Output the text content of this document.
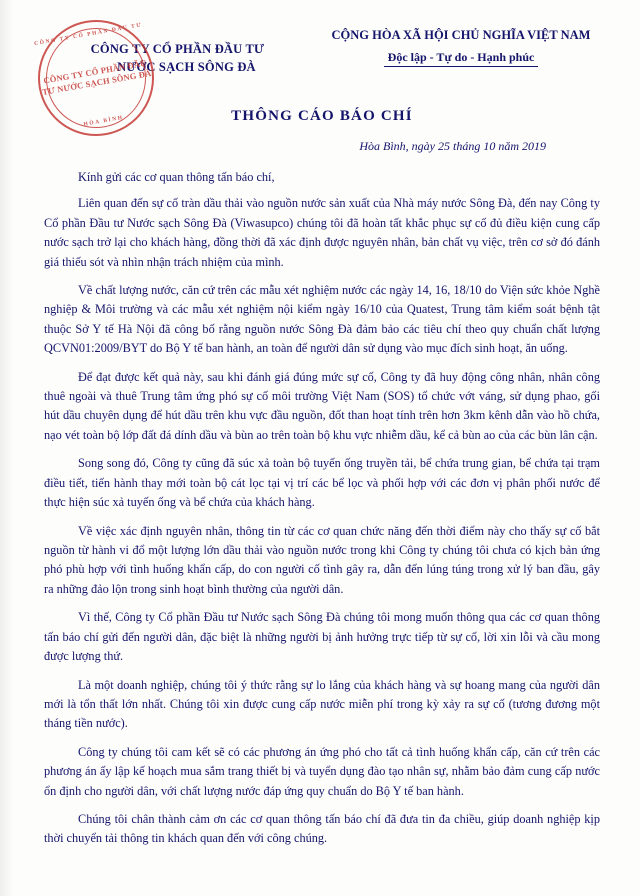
CÔNG TY CỔ PHẦN ĐẦU TƯ
CÔNG TY CỔ PHẦN ĐẦU TƯ NƯỚC SẠCH SÔNG ĐÀ
HÒA BÌNH
CÔNG TY CỔ PHẦN ĐẦU TƯ
NƯỚC SẠCH SÔNG ĐÀ
CỘNG HÒA XÃ HỘI CHỦ NGHĨA VIỆT NAM
Độc lập - Tự do - Hạnh phúc
THÔNG CÁO BÁO CHÍ
Hòa Bình, ngày 25 tháng 10 năm 2019
Kính gửi các cơ quan thông tấn báo chí,

Liên quan đến sự cố tràn dầu thải vào nguồn nước sản xuất của Nhà máy nước Sông Đà, đến nay Công ty Cổ phần Đầu tư Nước sạch Sông Đà (Viwasupco) chúng tôi đã hoàn tất khắc phục sự cố đủ điều kiện cung cấp nước sạch trở lại cho khách hàng, đồng thời đã xác định được nguyên nhân, bản chất vụ việc, trên cơ sở đó đánh giá thiếu sót và nhìn nhận trách nhiệm của mình.

Về chất lượng nước, căn cứ trên các mẫu xét nghiệm nước các ngày 14, 16, 18/10 do Viện sức khỏe Nghề nghiệp & Môi trường và các mẫu xét nghiệm nội kiểm ngày 16/10 của Quatest, Trung tâm kiểm soát bệnh tật thuộc Sở Y tế Hà Nội đã công bố rằng nguồn nước Sông Đà đảm bảo các tiêu chí theo quy chuẩn chất lượng QCVN01:2009/BYT do Bộ Y tế ban hành, an toàn để người dân sử dụng vào mục đích sinh hoạt, ăn uống.

Để đạt được kết quả này, sau khi đánh giá đúng mức sự cố, Công ty đã huy động công nhân, nhân công thuê ngoài và thuê Trung tâm ứng phó sự cố môi trường Việt Nam (SOS) tổ chức vớt váng, sử dụng phao, gối hút dầu chuyên dụng để hút dầu trên khu vực đầu nguồn, đốt than hoạt tính trên hơn 3km kênh dẫn vào hồ chứa, nạo vét toàn bộ lớp đất đá dính dầu và bùn ao trên toàn bộ khu vực nhiễm dầu, kể cả bùn ao của các bùn lân cận.

Song song đó, Công ty cũng đã súc xả toàn bộ tuyến ống truyền tải, bể chứa trung gian, bể chứa tại trạm điều tiết, tiến hành thay mới toàn bộ cát lọc tại vị trí các bể lọc và phối hợp với các đơn vị phân phối nước để thực hiện súc xả tuyến ống và bể chứa của khách hàng.

Về việc xác định nguyên nhân, thông tin từ các cơ quan chức năng đến thời điểm này cho thấy sự cố bắt nguồn từ hành vi đổ một lượng lớn dầu thải vào nguồn nước trong khi Công ty chúng tôi chưa có kịch bản ứng phó phù hợp với tình huống khẩn cấp, do con người cố tình gây ra, dẫn đến lúng túng trong xử lý ban đầu, gây ra những đảo lộn trong sinh hoạt bình thường của người dân.

Vì thế, Công ty Cổ phần Đầu tư Nước sạch Sông Đà chúng tôi mong muốn thông qua các cơ quan thông tấn báo chí gửi đến người dân, đặc biệt là những người bị ảnh hưởng trực tiếp từ sự cố, lời xin lỗi và cầu mong được lượng thứ.

Là một doanh nghiệp, chúng tôi ý thức rằng sự lo lắng của khách hàng và sự hoang mang của người dân mới là tổn thất lớn nhất. Chúng tôi xin được cung cấp nước miễn phí trong kỳ xảy ra sự cố (tương đương một tháng tiền nước).

Công ty chúng tôi cam kết sẽ có các phương án ứng phó cho tất cả tình huống khẩn cấp, căn cứ trên các phương án ấy lập kế hoạch mua sắm trang thiết bị và tuyển dụng đào tạo nhân sự, nhằm bảo đảm cung cấp nước ổn định cho người dân, với chất lượng nước đáp ứng quy chuẩn do Bộ Y tế ban hành.

Chúng tôi chân thành cảm ơn các cơ quan thông tấn báo chí đã đưa tin đa chiều, giúp doanh nghiệp kịp thời chuyển tải thông tin khách quan đến với công chúng.
